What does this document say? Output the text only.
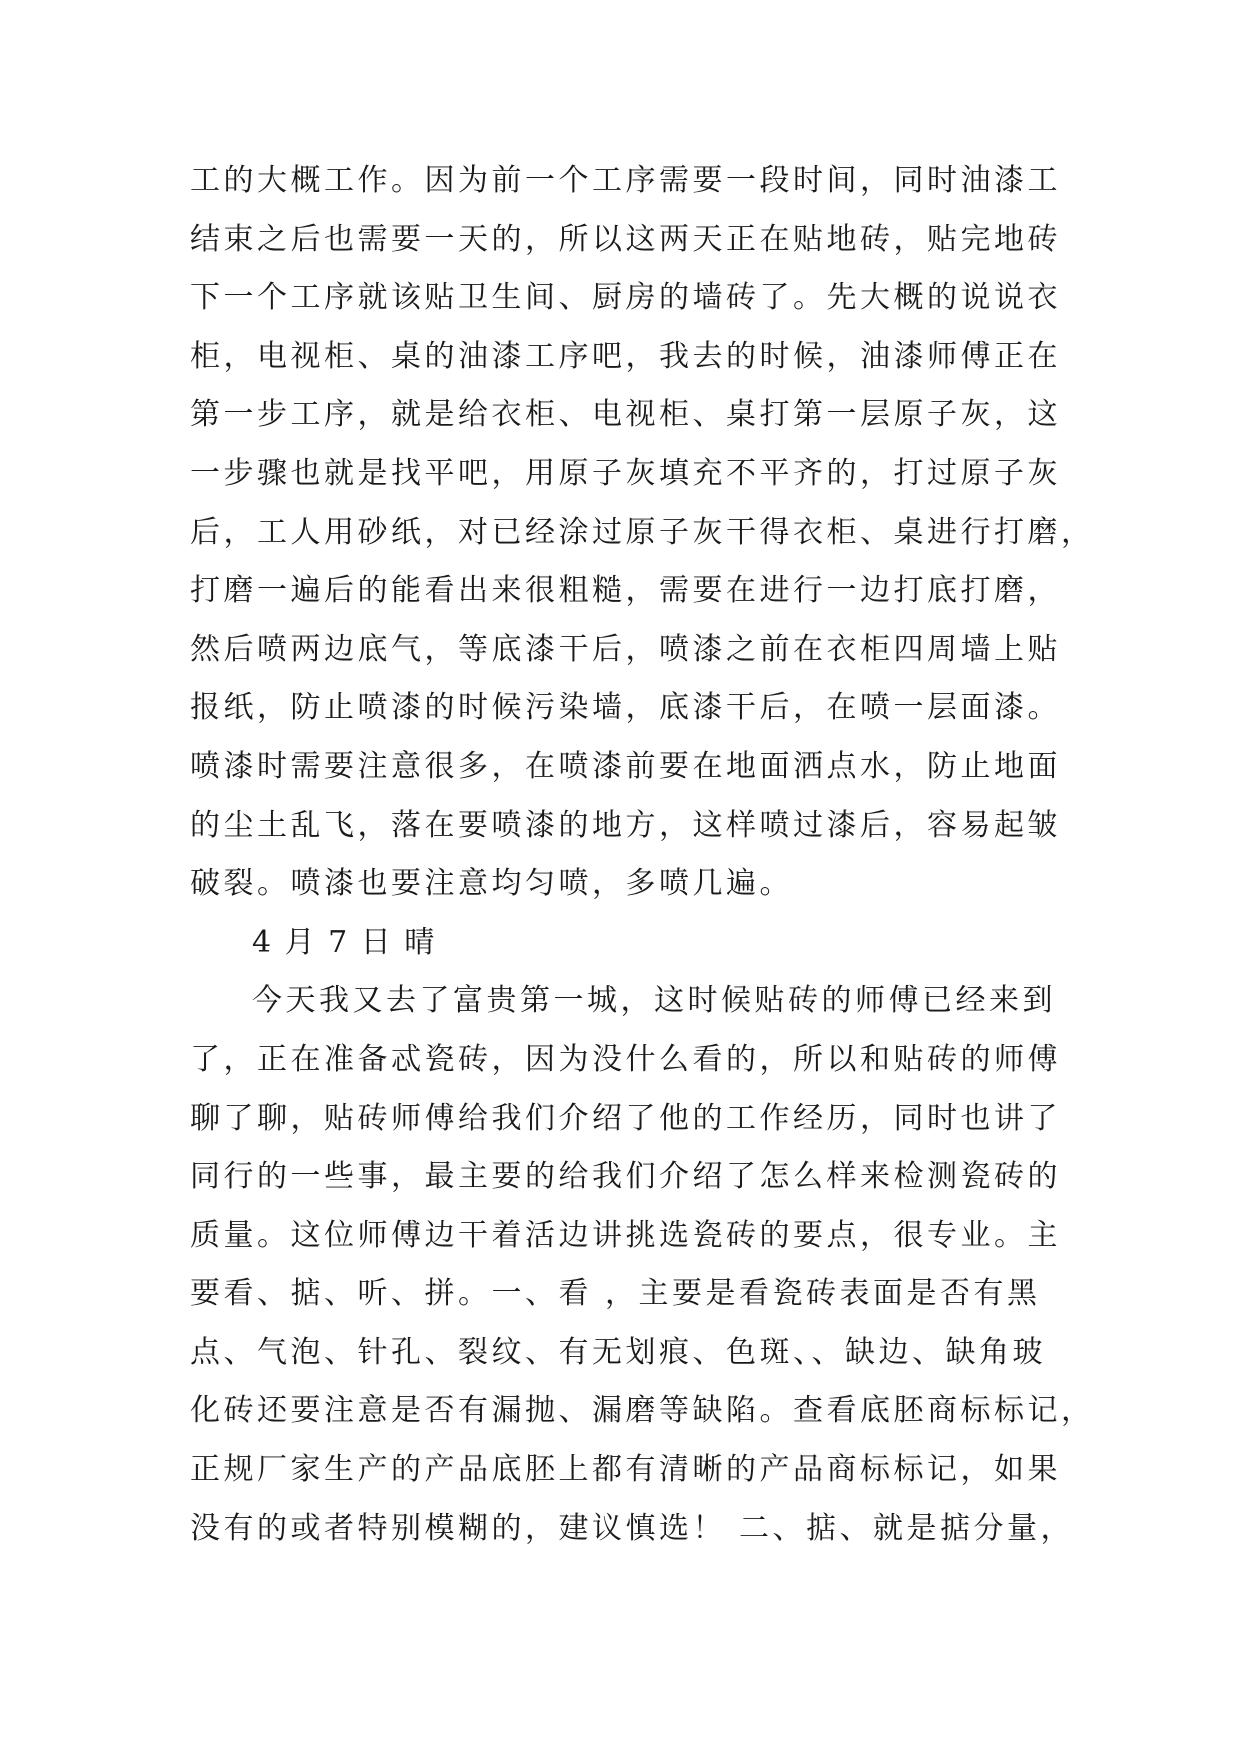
工的大概工作。因为前一个工序需要一段时间，同时油漆工
结束之后也需要一天的，所以这两天正在贴地砖，贴完地砖
下一个工序就该贴卫生间、厨房的墙砖了。先大概的说说衣
柜，电视柜、桌的油漆工序吧，我去的时候，油漆师傅正在
第一步工序，就是给衣柜、电视柜、桌打第一层原子灰，这
一步骤也就是找平吧，用原子灰填充不平齐的，打过原子灰
后，工人用砂纸，对已经涂过原子灰干得衣柜、桌进行打磨，
打磨一遍后的能看出来很粗糙，需要在进行一边打底打磨，
然后喷两边底气，等底漆干后，喷漆之前在衣柜四周墙上贴
报纸，防止喷漆的时候污染墙，底漆干后，在喷一层面漆。
喷漆时需要注意很多，在喷漆前要在地面洒点水，防止地面
的尘土乱飞，落在要喷漆的地方，这样喷过漆后，容易起皱
破裂。喷漆也要注意均匀喷，多喷几遍。
4 月 7 日 晴
今天我又去了富贵第一城，这时候贴砖的师傅已经来到
了，正在准备忒瓷砖，因为没什么看的，所以和贴砖的师傅
聊了聊，贴砖师傅给我们介绍了他的工作经历，同时也讲了
同行的一些事，最主要的给我们介绍了怎么样来检测瓷砖的
质量。这位师傅边干着活边讲挑选瓷砖的要点，很专业。主
要看、掂、听、拼。一、看 ，主要是看瓷砖表面是否有黑
点、气泡、针孔、裂纹、有无划痕、色斑、、缺边、缺角玻
化砖还要注意是否有漏抛、漏磨等缺陷。查看底胚商标标记，
正规厂家生产的产品底胚上都有清晰的产品商标标记，如果
没有的或者特别模糊的，建议慎选！ 二、掂、就是掂分量，
